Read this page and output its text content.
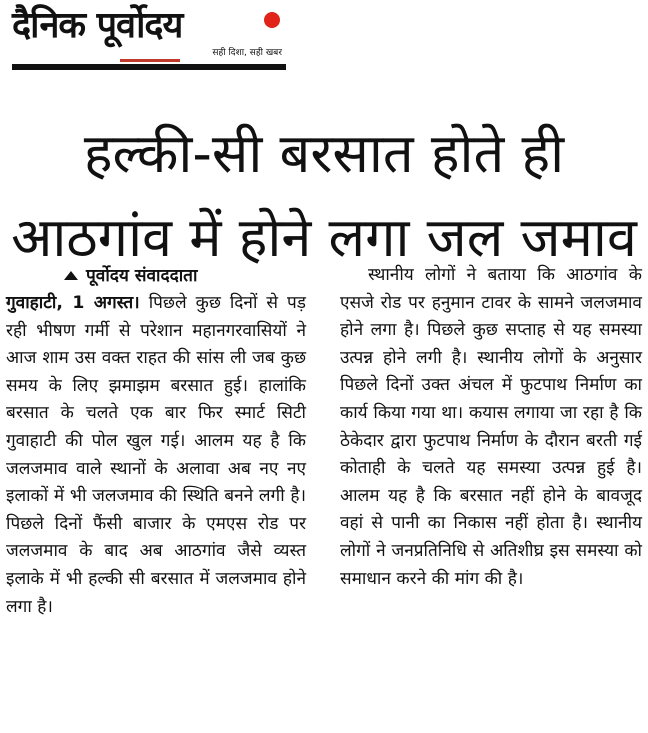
दैनिक पूर्वोदय
सही दिशा, सही खबर
हल्की-सी बरसात होते ही
आठगांव में होने लगा जल जमाव
पूर्वोदय संवाददाता

गुवाहाटी, 1 अगस्त। पिछले कुछ दिनों से पड़ रही भीषण गर्मी से परेशान महानगरवासियों ने आज शाम उस वक्त राहत की सांस ली जब कुछ समय के लिए झमाझम बरसात हुई। हालांकि बरसात के चलते एक बार फिर स्मार्ट सिटी गुवाहाटी की पोल खुल गई। आलम यह है कि जलजमाव वाले स्थानों के अलावा अब नए नए इलाकों में भी जलजमाव की स्थिति बनने लगी है। पिछले दिनों फैंसी बाजार के एमएस रोड पर जलजमाव के बाद अब आठगांव जैसे व्यस्त इलाके में भी हल्की सी बरसात में जलजमाव होने लगा है।

स्थानीय लोगों ने बताया कि आठगांव के एसजे रोड पर हनुमान टावर के सामने जलजमाव होने लगा है। पिछले कुछ सप्ताह से यह समस्या उत्पन्न होने लगी है। स्थानीय लोगों के अनुसार पिछले दिनों उक्त अंचल में फुटपाथ निर्माण का कार्य किया गया था। कयास लगाया जा रहा है कि ठेकेदार द्वारा फुटपाथ निर्माण के दौरान बरती गई कोताही के चलते यह समस्या उत्पन्न हुई है। आलम यह है कि बरसात नहीं होने के बावजूद वहां से पानी का निकास नहीं होता है। स्थानीय लोगों ने जनप्रतिनिधि से अतिशीघ्र इस समस्या को समाधान करने की मांग की है।
